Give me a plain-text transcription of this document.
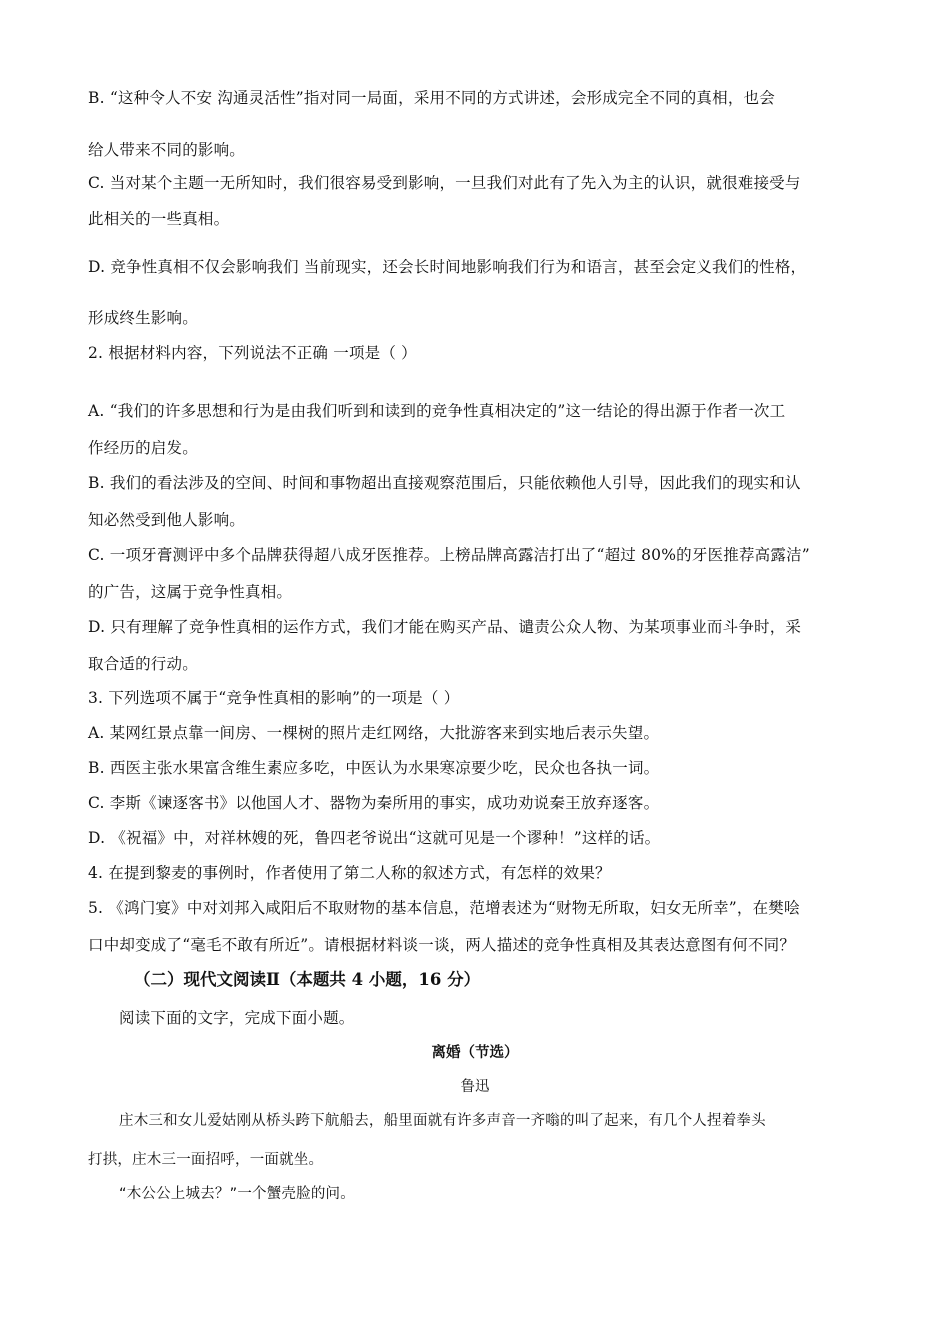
B. “这种令人不安 沟通灵活性”指对同一局面，采用不同的方式讲述，会形成完全不同的真相，也会
给人带来不同的影响。
C. 当对某个主题一无所知时，我们很容易受到影响，一旦我们对此有了先入为主的认识，就很难接受与
此相关的一些真相。
D. 竞争性真相不仅会影响我们 当前现实，还会长时间地影响我们行为和语言，甚至会定义我们的性格，
形成终生影响。
2. 根据材料内容，下列说法不正确 一项是（ ）
A. “我们的许多思想和行为是由我们听到和读到的竞争性真相决定的”这一结论的得出源于作者一次工
作经历的启发。
B. 我们的看法涉及的空间、时间和事物超出直接观察范围后，只能依赖他人引导，因此我们的现实和认
知必然受到他人影响。
C. 一项牙膏测评中多个品牌获得超八成牙医推荐。上榜品牌高露洁打出了“超过 80%的牙医推荐高露洁”
的广告，这属于竞争性真相。
D. 只有理解了竞争性真相的运作方式，我们才能在购买产品、谴责公众人物、为某项事业而斗争时，采
取合适的行动。
3. 下列选项不属于“竞争性真相的影响”的一项是（ ）
A. 某网红景点靠一间房、一棵树的照片走红网络，大批游客来到实地后表示失望。
B. 西医主张水果富含维生素应多吃，中医认为水果寒凉要少吃，民众也各执一词。
C. 李斯《谏逐客书》以他国人才、器物为秦所用的事实，成功劝说秦王放弃逐客。
D. 《祝福》中，对祥林嫂的死，鲁四老爷说出“这就可见是一个谬种！”这样的话。
4. 在提到黎麦的事例时，作者使用了第二人称的叙述方式，有怎样的效果？
5. 《鸿门宴》中对刘邦入咸阳后不取财物的基本信息，范增表述为“财物无所取，妇女无所幸”，在樊哙
口中却变成了“毫毛不敢有所近”。请根据材料谈一谈，两人描述的竞争性真相及其表达意图有何不同？
（二）现代文阅读Ⅱ（本题共 4 小题，16 分）
阅读下面的文字，完成下面小题。
离婚（节选）
鲁迅
庄木三和女儿爱姑刚从桥头跨下航船去，船里面就有许多声音一齐嗡的叫了起来，有几个人捏着拳头
打拱，庄木三一面招呼，一面就坐。
“木公公上城去？”一个蟹壳脸的问。
